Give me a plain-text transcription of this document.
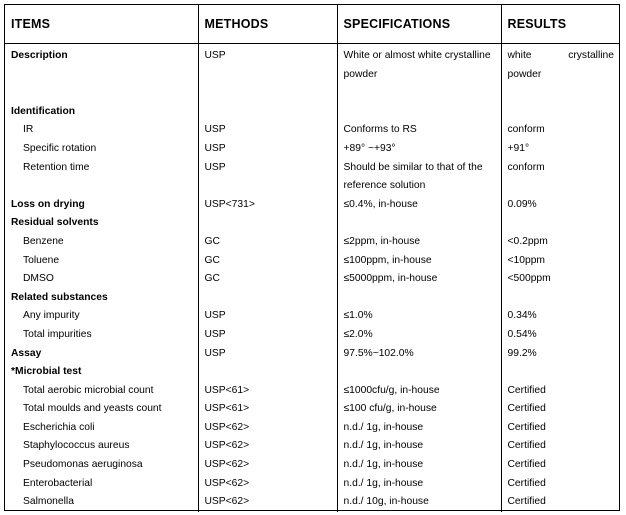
ITEMS	METHODS	SPECIFICATIONS	RESULTS
Description	USP	White or almost white crystalline powder	white crystalline powder

Identification			
IR	USP	Conforms to RS	conform
Specific rotation	USP	+89° ~+93°	+91°
Retention time	USP	Should be similar to that of the reference solution	conform
Loss on drying	USP<731>	≤0.4%, in-house	0.09%
Residual solvents			
Benzene	GC	≤2ppm, in-house	<0.2ppm
Toluene	GC	≤100ppm, in-house	<10ppm
DMSO	GC	≤5000ppm, in-house	<500ppm
Related substances			
Any impurity	USP	≤1.0%	0.34%
Total impurities	USP	≤2.0%	0.54%
Assay	USP	97.5%~102.0%	99.2%
*Microbial test			
Total aerobic microbial count	USP<61>	≤1000cfu/g, in-house	Certified
Total moulds and yeasts count	USP<61>	≤100 cfu/g, in-house	Certified
Escherichia coli	USP<62>	n.d./ 1g, in-house	Certified
Staphylococcus aureus	USP<62>	n.d./ 1g, in-house	Certified
Pseudomonas aeruginosa	USP<62>	n.d./ 1g, in-house	Certified
Enterobacterial	USP<62>	n.d./ 1g, in-house	Certified
Salmonella	USP<62>	n.d./ 10g, in-house	Certified
